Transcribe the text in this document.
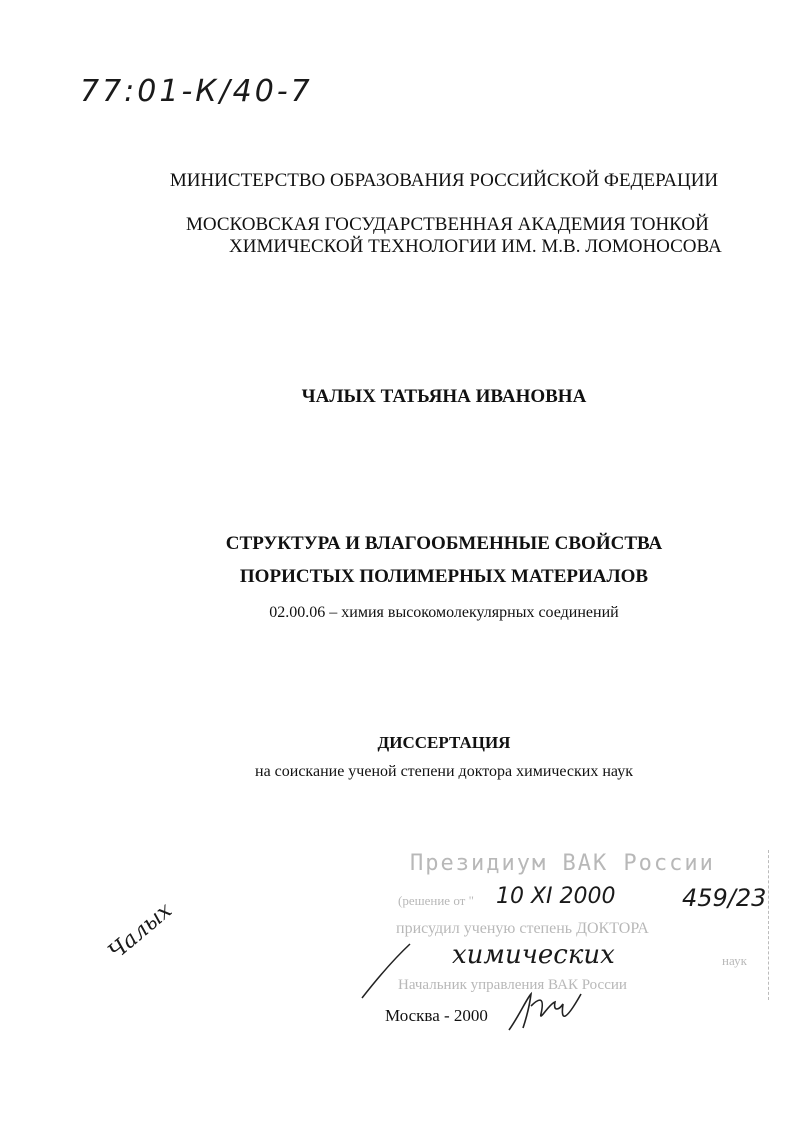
77:01-К/40-7
МИНИСТЕРСТВО ОБРАЗОВАНИЯ РОССИЙСКОЙ ФЕДЕРАЦИИ
МОСКОВСКАЯ ГОСУДАРСТВЕННАЯ АКАДЕМИЯ ТОНКОЙ
ХИМИЧЕСКОЙ ТЕХНОЛОГИИ ИМ. М.В. ЛОМОНОСОВА
ЧАЛЫХ ТАТЬЯНА ИВАНОВНА
СТРУКТУРА И ВЛАГООБМЕННЫЕ СВОЙСТВА
ПОРИСТЫХ ПОЛИМЕРНЫХ МАТЕРИАЛОВ
02.00.06 – химия высокомолекулярных соединений
ДИССЕРТАЦИЯ
на соискание ученой степени доктора химических наук
Президиум ВАК России
(решение от "
присудил ученую степень ДОКТОРА
наук
Начальник управления ВАК России
10 XI 2000	459/23
химических
Москва - 2000
Чалых
